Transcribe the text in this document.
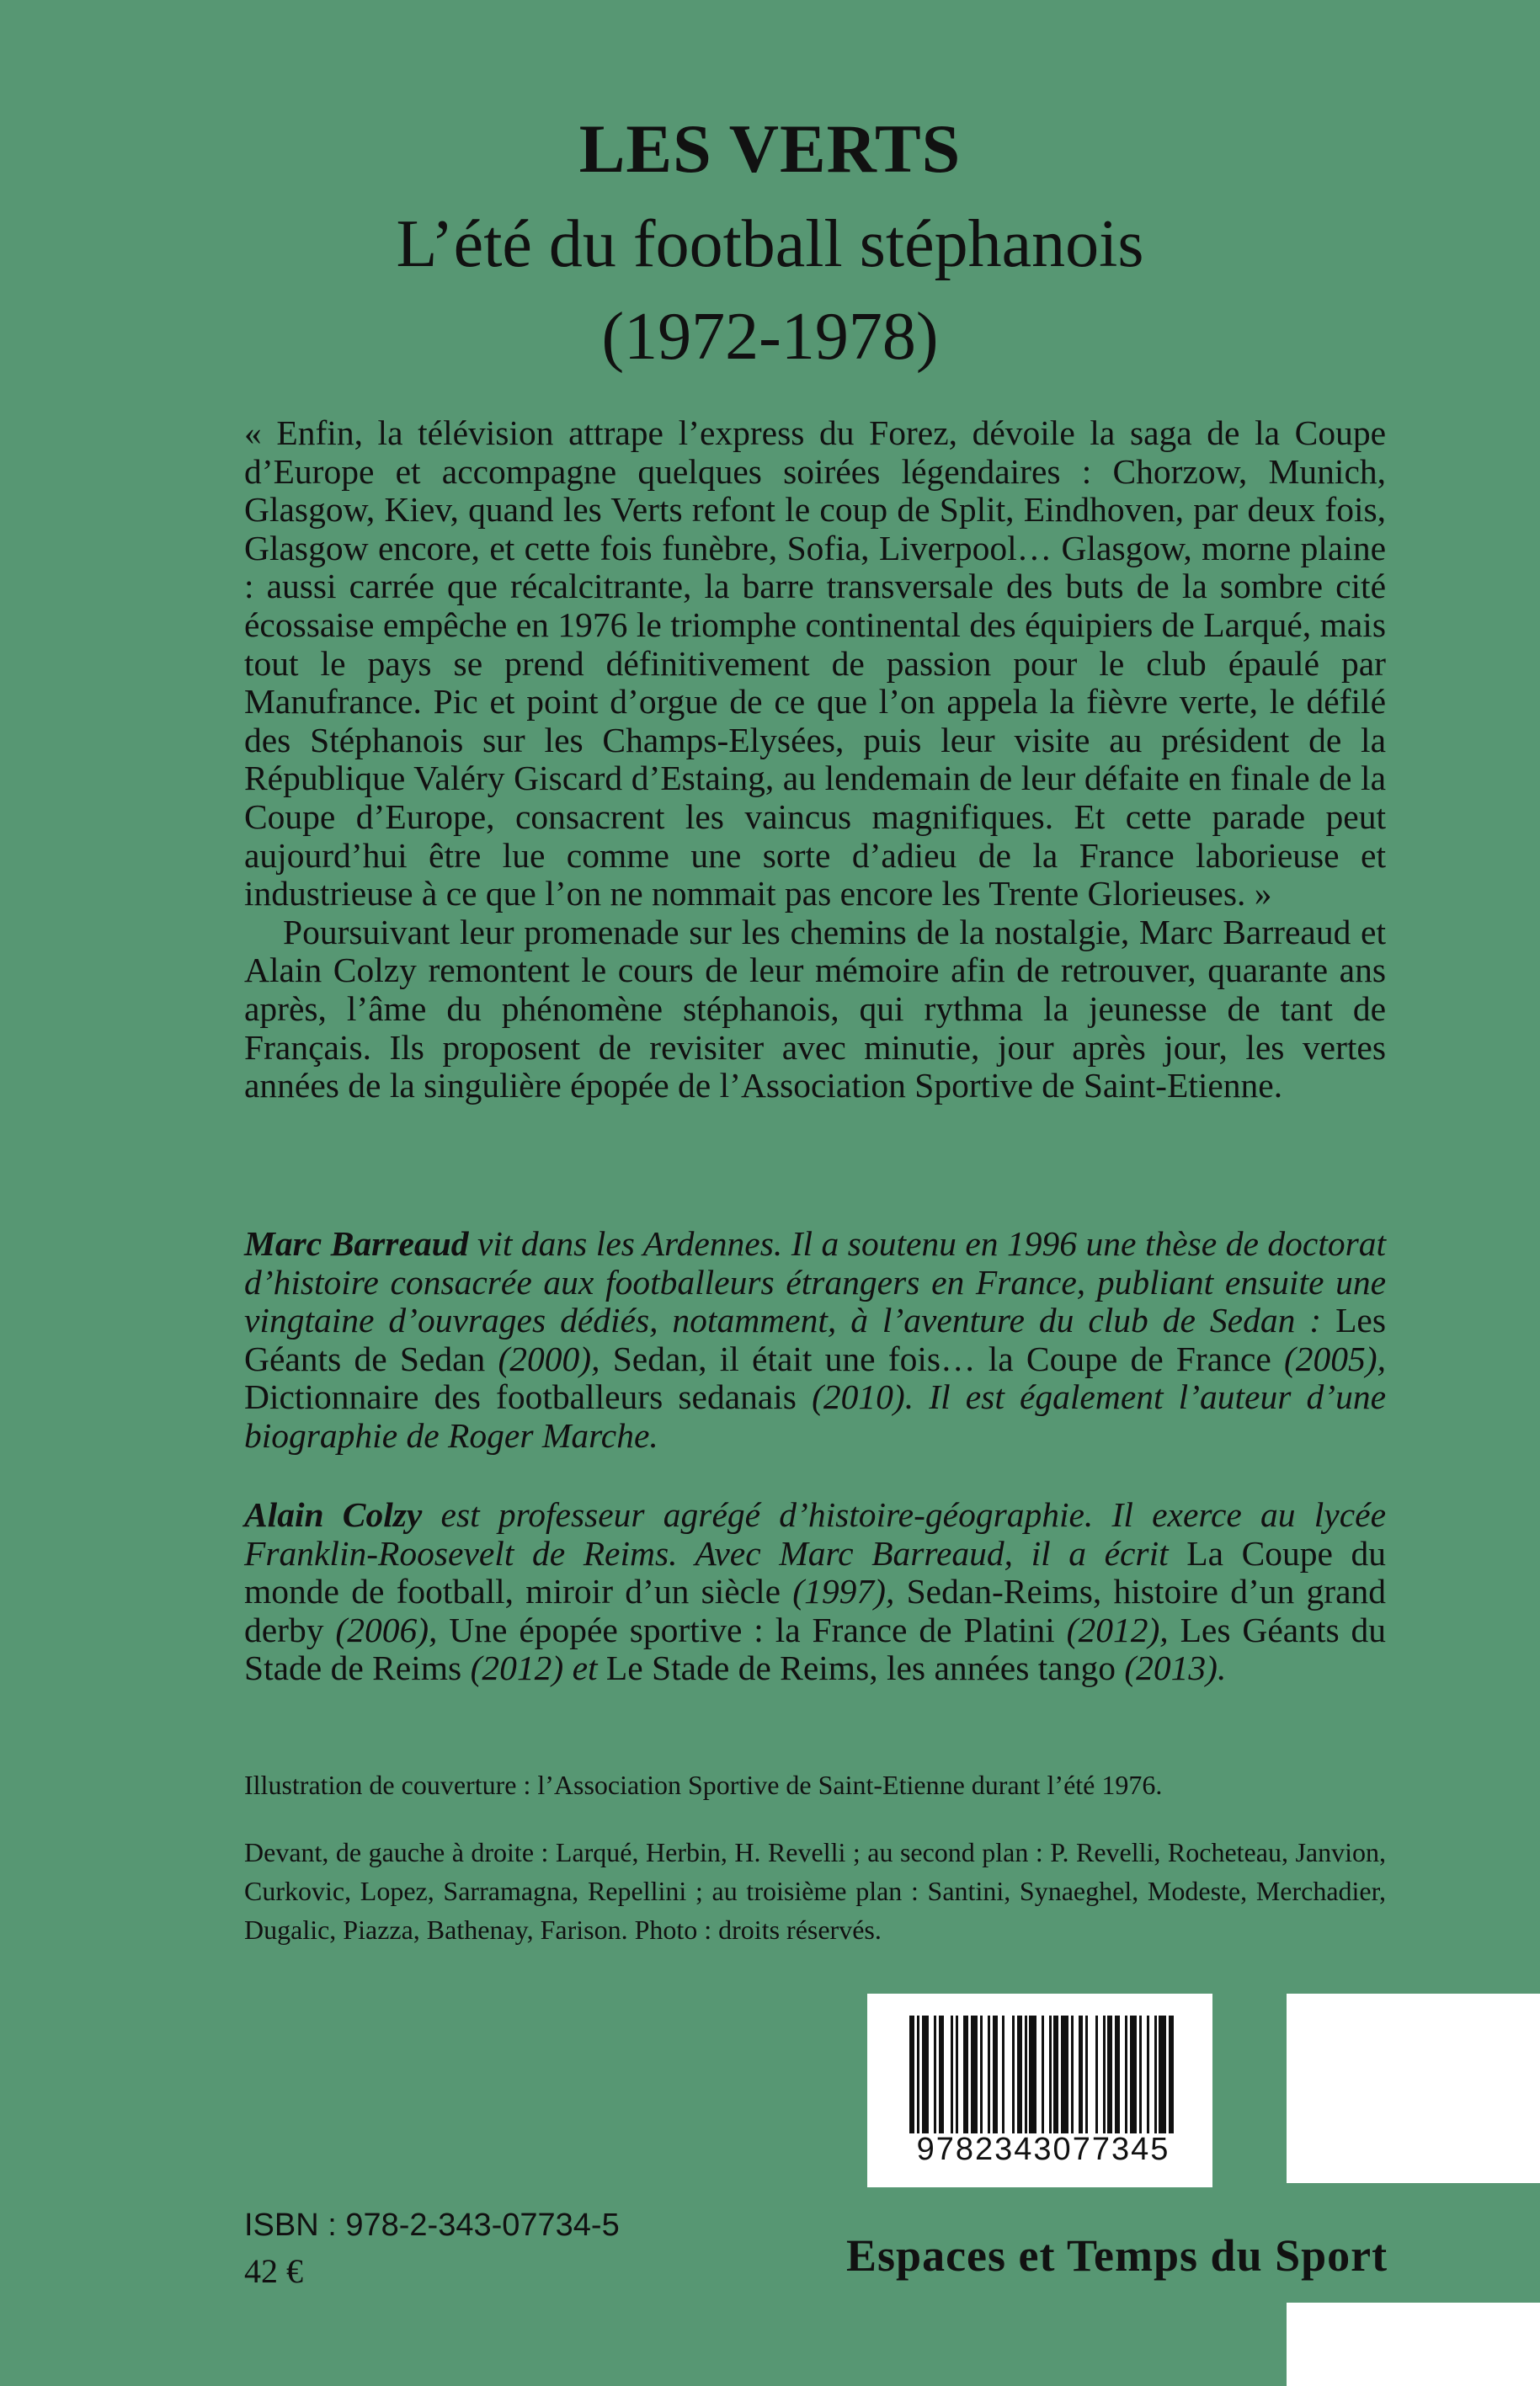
LES VERTS
L’été du football stéphanois
(1972-1978)

« Enfin, la télévision attrape l’express du Forez, dévoile la saga de la Coupe d’Europe et accompagne quelques soirées légendaires : Chorzow, Munich, Glasgow, Kiev, quand les Verts refont le coup de Split, Eindhoven, par deux fois, Glasgow encore, et cette fois funèbre, Sofia, Liverpool… Glasgow, morne plaine : aussi carrée que récalcitrante, la barre transversale des buts de la sombre cité écossaise empêche en 1976 le triomphe continental des équipiers de Larqué, mais tout le pays se prend définitivement de passion pour le club épaulé par Manufrance. Pic et point d’orgue de ce que l’on appela la fièvre verte, le défilé des Stéphanois sur les Champs-Elysées, puis leur visite au président de la République Valéry Giscard d’Estaing, au lendemain de leur défaite en finale de la Coupe d’Europe, consacrent les vaincus magnifiques. Et cette parade peut aujourd’hui être lue comme une sorte d’adieu de la France laborieuse et industrieuse à ce que l’on ne nommait pas encore les Trente Glorieuses. »

Poursuivant leur promenade sur les chemins de la nostalgie, Marc Barreaud et Alain Colzy remontent le cours de leur mémoire afin de retrouver, quarante ans après, l’âme du phénomène stéphanois, qui rythma la jeunesse de tant de Français. Ils proposent de revisiter avec minutie, jour après jour, les vertes années de la singulière épopée de l’Association Sportive de Saint-Etienne.

Marc Barreaud vit dans les Ardennes. Il a soutenu en 1996 une thèse de doctorat d’histoire consacrée aux footballeurs étrangers en France, publiant ensuite une vingtaine d’ouvrages dédiés, notamment, à l’aventure du club de Sedan : Les Géants de Sedan (2000), Sedan, il était une fois… la Coupe de France (2005), Dictionnaire des footballeurs sedanais (2010). Il est également l’auteur d’une biographie de Roger Marche.

Alain Colzy est professeur agrégé d’histoire-géographie. Il exerce au lycée Franklin-Roosevelt de Reims. Avec Marc Barreaud, il a écrit La Coupe du monde de football, miroir d’un siècle (1997), Sedan-Reims, histoire d’un grand derby (2006), Une épopée sportive : la France de Platini (2012), Les Géants du Stade de Reims (2012) et Le Stade de Reims, les années tango (2013).

Illustration de couverture : l’Association Sportive de Saint-Etienne durant l’été 1976.

Devant, de gauche à droite : Larqué, Herbin, H. Revelli ; au second plan : P. Revelli, Rocheteau, Janvion, Curkovic, Lopez, Sarramagna, Repellini ; au troisième plan : Santini, Synaeghel, Modeste, Merchadier, Dugalic, Piazza, Bathenay, Farison. Photo : droits réservés.

9782343077345
ISBN : 978-2-343-07734-5
42 €	Espaces et Temps du Sport
